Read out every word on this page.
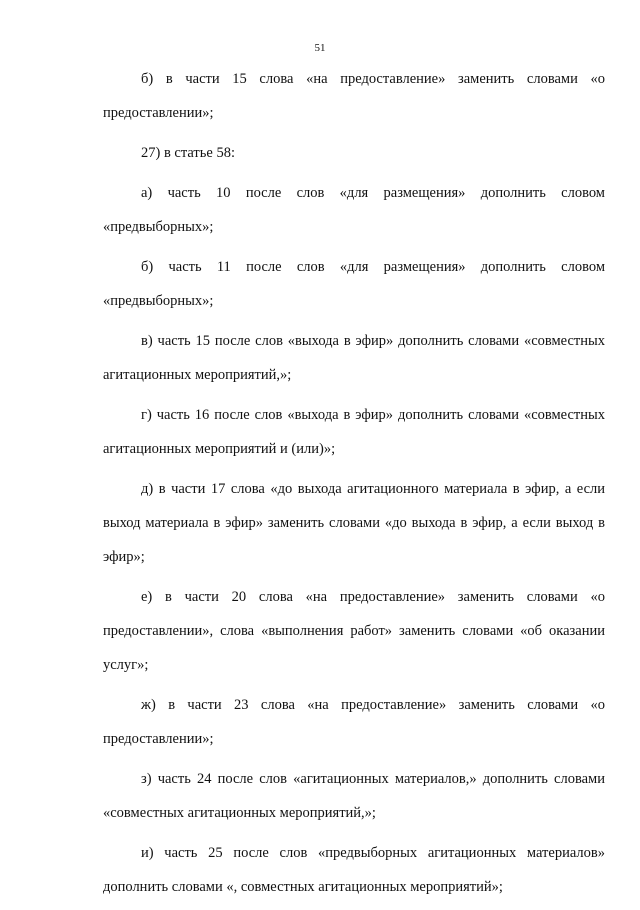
51

б) в части 15 слова «на предоставление» заменить словами «о предоставлении»;

27) в статье 58:

а) часть 10 после слов «для размещения» дополнить словом «предвыборных»;

б) часть 11 после слов «для размещения» дополнить словом «предвыборных»;

в) часть 15 после слов «выхода в эфир» дополнить словами «совместных агитационных мероприятий,»;

г) часть 16 после слов «выхода в эфир» дополнить словами «совместных агитационных мероприятий и (или)»;

д) в части 17 слова «до выхода агитационного материала в эфир, а если выход материала в эфир» заменить словами «до выхода в эфир, а если выход в эфир»;

е) в части 20 слова «на предоставление» заменить словами «о предоставлении», слова «выполнения работ» заменить словами «об оказании услуг»;

ж) в части 23 слова «на предоставление» заменить словами «о предоставлении»;

з) часть 24 после слов «агитационных материалов,» дополнить словами «совместных агитационных мероприятий,»;

и) часть 25 после слов «предвыборных агитационных материалов» дополнить словами «, совместных агитационных мероприятий»;
